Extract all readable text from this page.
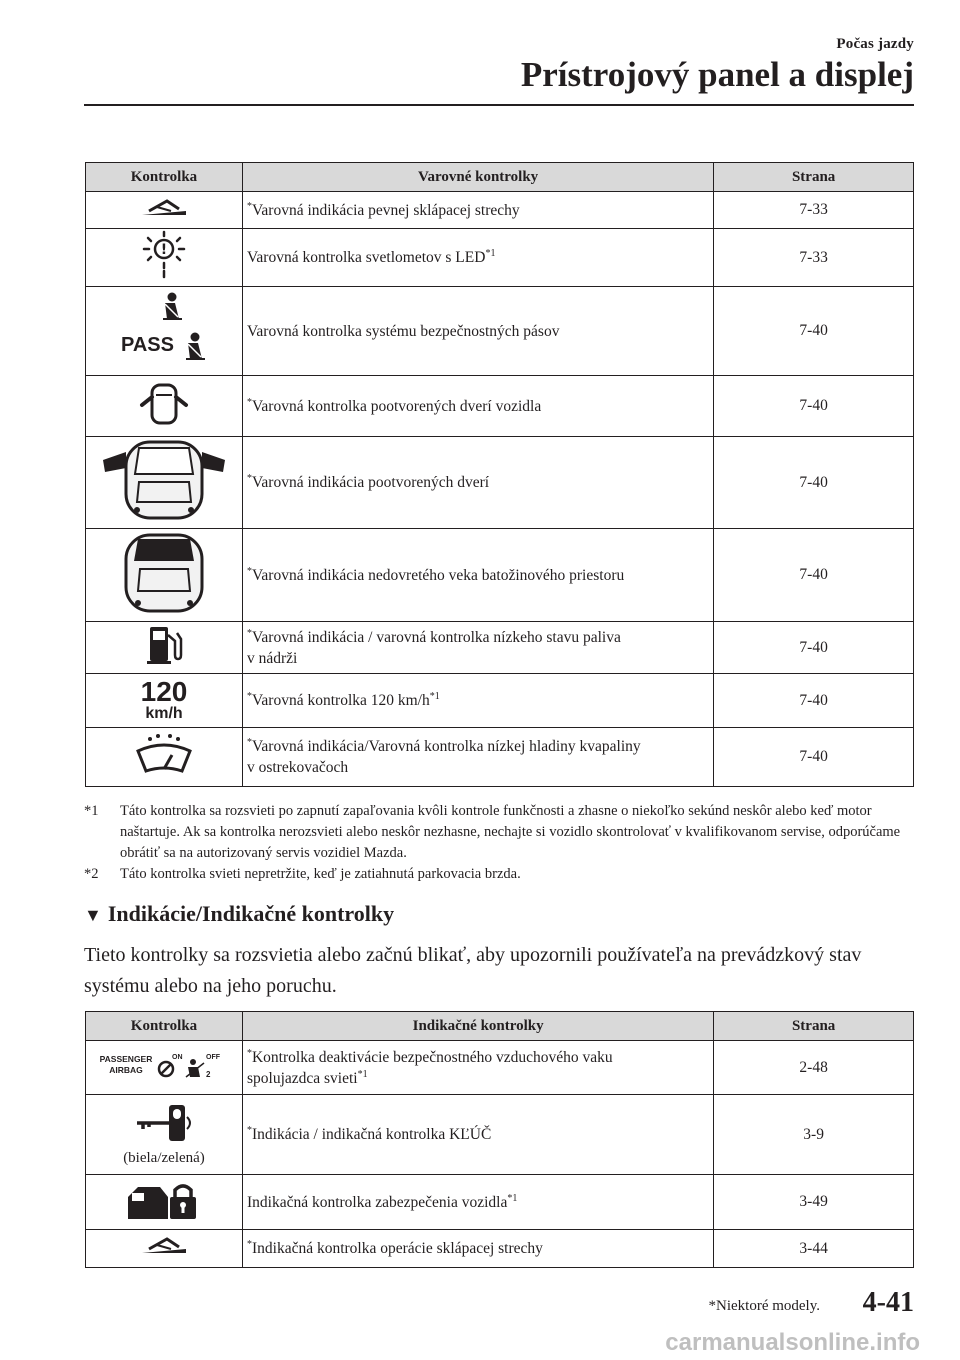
Počas jazdy
Prístrojový panel a displej
Kontrolka	Varovné kontrolky	Strana
	*Varovná indikácia pevnej sklápacej strechy	7-33

!	Varovná kontrolka svetlometov s LED$^{*1}$	7-33

PASS	Varovná kontrolka systému bezpečnostných pásov	7-40
	*Varovná kontrolka pootvorených dverí vozidla	7-40
	*Varovná indikácia pootvorených dverí	7-40
	*Varovná indikácia nedovretého veka batožinového priestoru	7-40
	*Varovná indikácia / varovná kontrolka nízkeho stavu paliva
v nádrži	7-40

120
km/h	*Varovná kontrolka 120 $km/h^{*1}$	7-40
	*Varovná indikácia/Varovná kontrolka nízkej hladiny kvapaliny
v ostrekovačoch	7-40
*1 Táto kontrolka sa rozsvieti po zapnutí zapaľovania kvôli kontrole funkčnosti a zhasne o niekoľko sekúnd neskôr alebo keď motor naštartuje. Ak sa kontrolka nerozsvieti alebo neskôr nezhasne, nechajte si vozidlo skontrolovať v kvalifikovanom servise, odporúčame obrátiť sa na autorizovaný servis vozidiel Mazda.
*2 Táto kontrolka svieti nepretržite, keď je zatiahnutá parkovacia brzda.
▼ Indikácie/Indikačné kontrolky
Tieto kontrolky sa rozsvietia alebo začnú blikať, aby upozornili používateľa na prevádzkový stav systému alebo na jeho poruchu.
Kontrolka	Indikačné kontrolky	Strana

PASSENGER
AIRBAG
ON OFF
2	*Kontrolka deaktivácie bezpečnostného vzduchového vaku
spolujazdca svieti$^{*1}$	2-48

(biela/zelená)	*Indikácia / indikačná kontrolka KĽÚČ	3-9
	Indikačná kontrolka zabezpečenia vozidla$^{*1}$	3-49
	*Indikačná kontrolka operácie sklápacej strechy	3-44
*Niektoré modely. 4-41
carmanualsonline.info
